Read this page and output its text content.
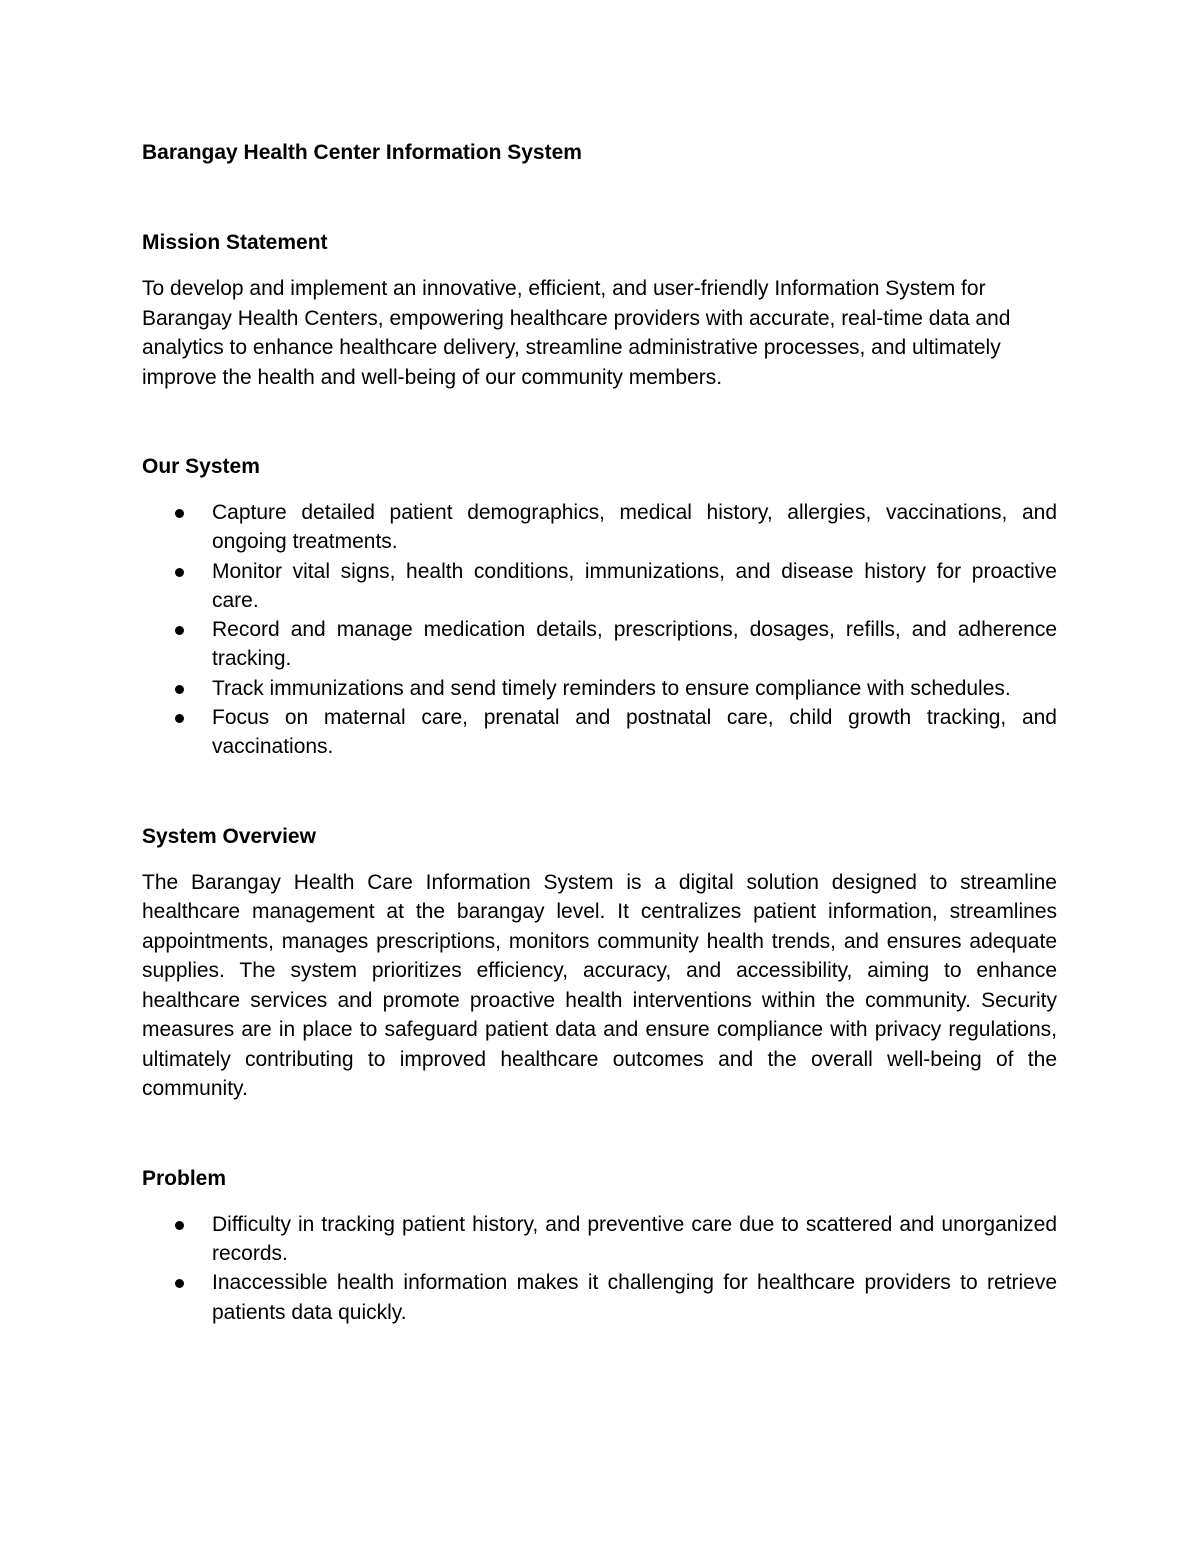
Barangay Health Center Information System
Mission Statement

To develop and implement an innovative, efficient, and user-friendly Information System for Barangay Health Centers, empowering healthcare providers with accurate, real-time data and analytics to enhance healthcare delivery, streamline administrative processes, and ultimately improve the health and well-being of our community members.

Our System
Capture detailed patient demographics, medical history, allergies, vaccinations, and ongoing treatments.
Monitor vital signs, health conditions, immunizations, and disease history for proactive care.
Record and manage medication details, prescriptions, dosages, refills, and adherence tracking.
Track immunizations and send timely reminders to ensure compliance with schedules.
Focus on maternal care, prenatal and postnatal care, child growth tracking, and vaccinations.
System Overview

The Barangay Health Care Information System is a digital solution designed to streamline healthcare management at the barangay level. It centralizes patient information, streamlines appointments, manages prescriptions, monitors community health trends, and ensures adequate supplies. The system prioritizes efficiency, accuracy, and accessibility, aiming to enhance healthcare services and promote proactive health interventions within the community. Security measures are in place to safeguard patient data and ensure compliance with privacy regulations, ultimately contributing to improved healthcare outcomes and the overall well-being of the community.

Problem
Difficulty in tracking patient history, and preventive care due to scattered and unorganized records.
Inaccessible health information makes it challenging for healthcare providers to retrieve patients data quickly.
